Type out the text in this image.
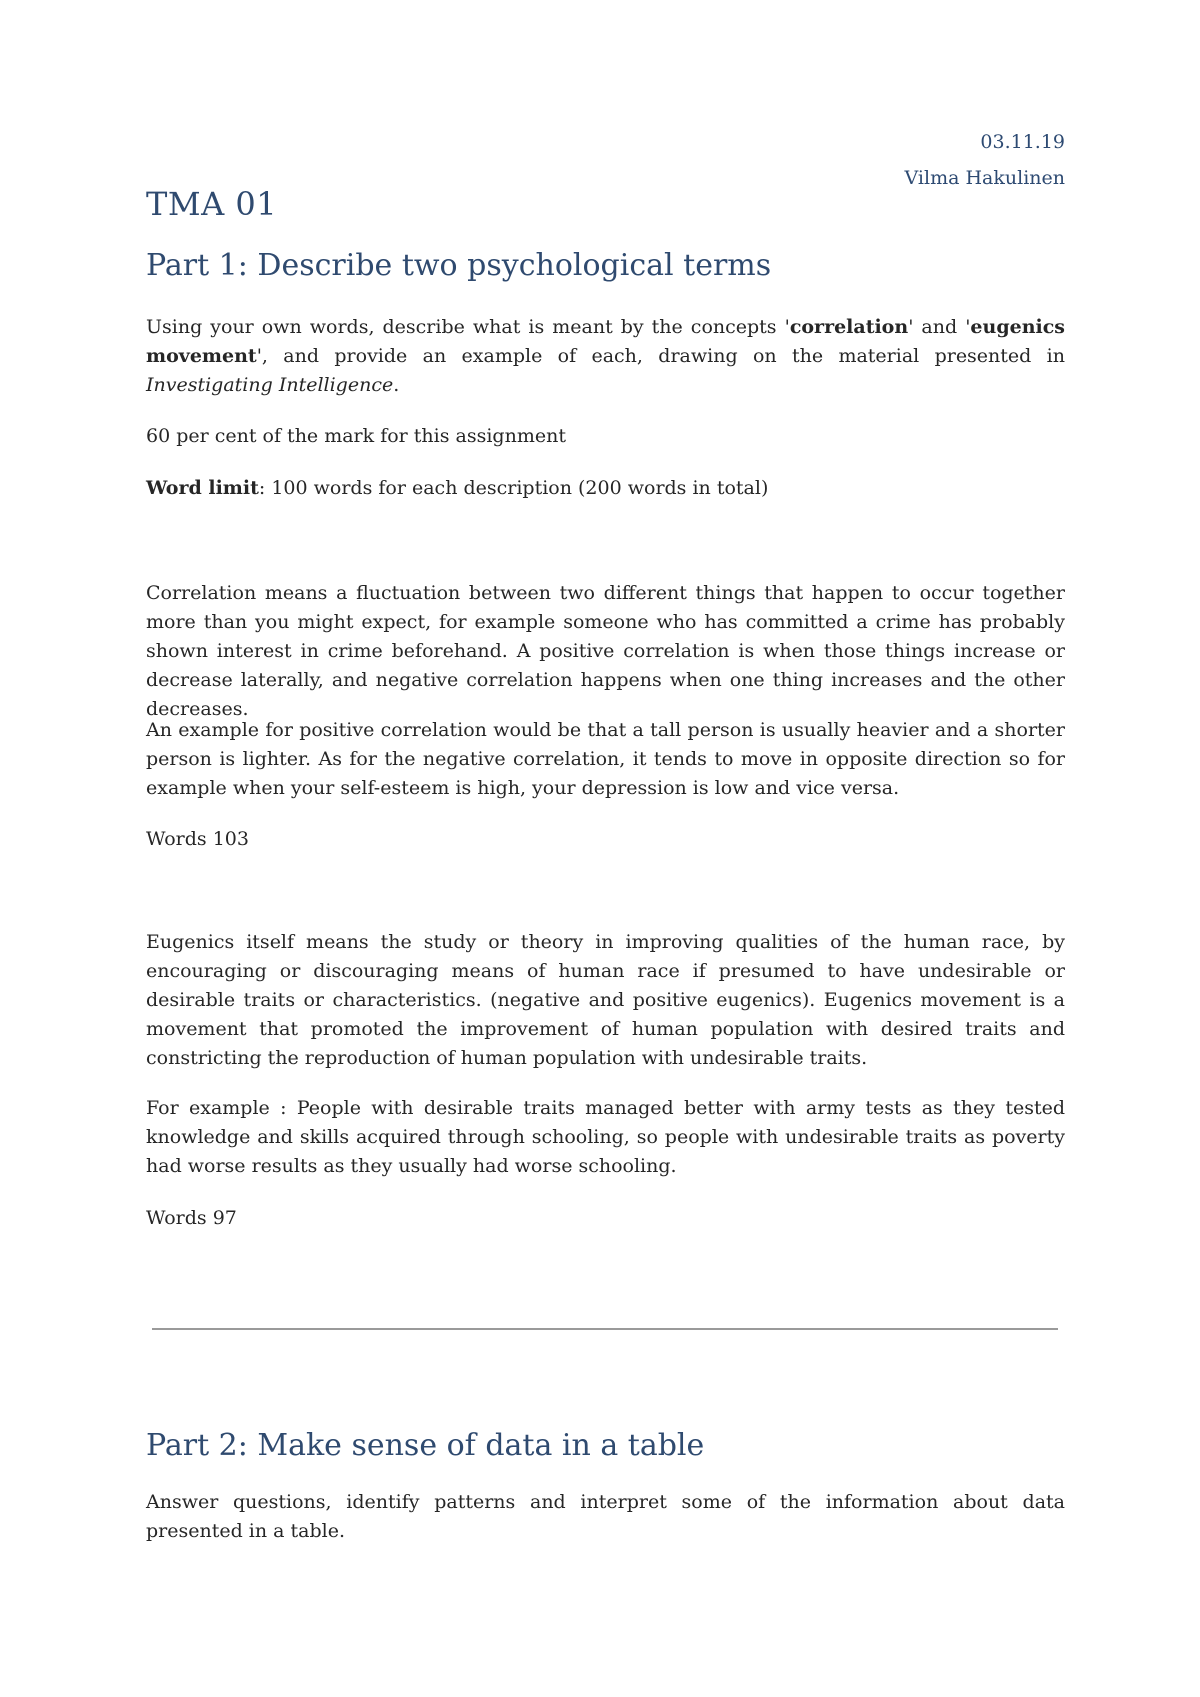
03.11.19
Vilma Hakulinen
TMA 01
Part 1: Describe two psychological terms

Using your own words, describe what is meant by the concepts 'correlation' and 'eugenics movement', and provide an example of each, drawing on the material presented in Investigating Intelligence.

60 per cent of the mark for this assignment

Word limit: 100 words for each description (200 words in total)

Correlation means a fluctuation between two different things that happen to occur together more than you might expect, for example someone who has committed a crime has probably shown interest in crime beforehand. A positive correlation is when those things increase or decrease laterally, and negative correlation happens when one thing increases and the other decreases.

An example for positive correlation would be that a tall person is usually heavier and a shorter person is lighter. As for the negative correlation, it tends to move in opposite direction so for example when your self-esteem is high, your depression is low and vice versa.

Words 103

Eugenics itself means the study or theory in improving qualities of the human race, by encouraging or discouraging means of human race if presumed to have undesirable or desirable traits or characteristics. (negative and positive eugenics). Eugenics movement is a movement that promoted the improvement of human population with desired traits and constricting the reproduction of human population with undesirable traits.

For example : People with desirable traits managed better with army tests as they tested knowledge and skills acquired through schooling, so people with undesirable traits as poverty had worse results as they usually had worse schooling.

Words 97

Part 2: Make sense of data in a table

Answer questions, identify patterns and interpret some of the information about data presented in a table.
